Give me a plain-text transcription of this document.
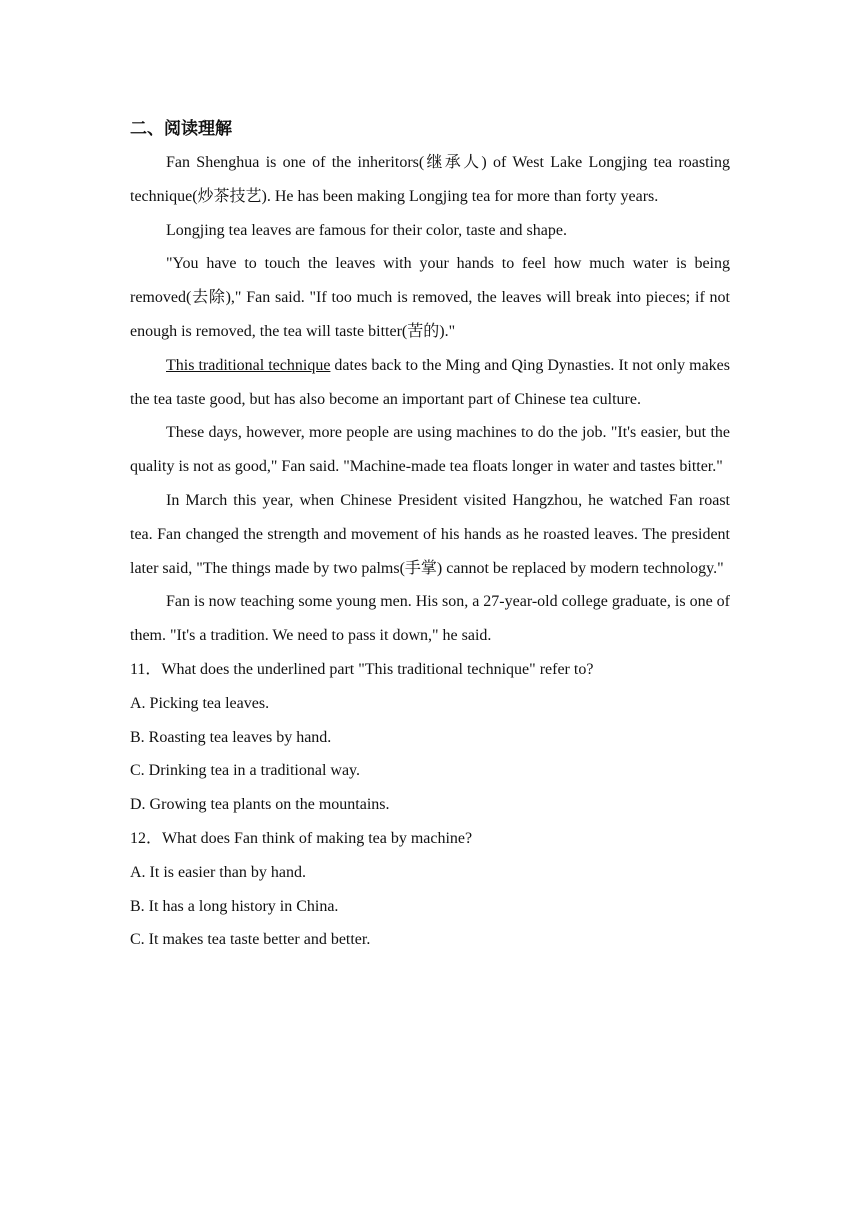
二、阅读理解

Fan Shenghua is one of the inheritors(继承人) of West Lake Longjing tea roasting technique(炒茶技艺). He has been making Longjing tea for more than forty years.

Longjing tea leaves are famous for their color, taste and shape.

"You have to touch the leaves with your hands to feel how much water is being removed(去除)," Fan said. "If too much is removed, the leaves will break into pieces; if not enough is removed, the tea will taste bitter(苦的)."

This traditional technique dates back to the Ming and Qing Dynasties. It not only makes the tea taste good, but has also become an important part of Chinese tea culture.

These days, however, more people are using machines to do the job. "It's easier, but the quality is not as good," Fan said. "Machine-made tea floats longer in water and tastes bitter."

In March this year, when Chinese President visited Hangzhou, he watched Fan roast tea. Fan changed the strength and movement of his hands as he roasted leaves. The president later said, "The things made by two palms(手掌) cannot be replaced by modern technology."

Fan is now teaching some young men. His son, a 27-year-old college graduate, is one of them. "It's a tradition. We need to pass it down," he said.

11．What does the underlined part "This traditional technique" refer to?

A. Picking tea leaves.

B. Roasting tea leaves by hand.

C. Drinking tea in a traditional way.

D. Growing tea plants on the mountains.

12．What does Fan think of making tea by machine?

A. It is easier than by hand.

B. It has a long history in China.

C. It makes tea taste better and better.
